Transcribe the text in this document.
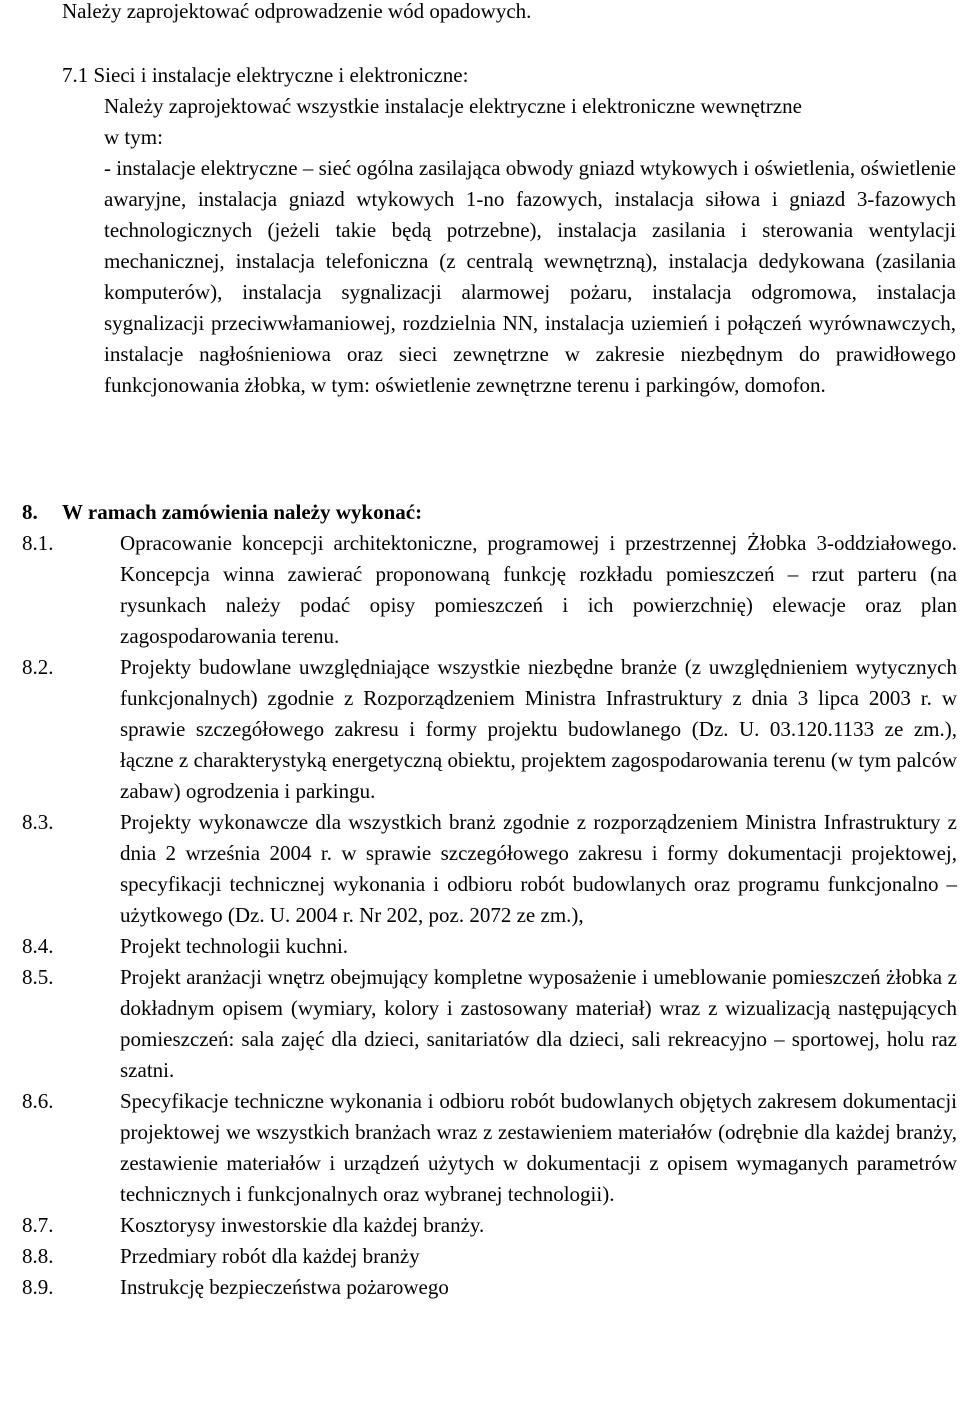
Należy zaprojektować odprowadzenie wód opadowych.
7.1 Sieci i instalacje elektryczne i elektroniczne:

Należy zaprojektować wszystkie instalacje elektryczne i elektroniczne wewnętrzne

w tym:

- instalacje elektryczne – sieć ogólna zasilająca obwody gniazd wtykowych i oświetlenia, oświetlenie awaryjne, instalacja gniazd wtykowych 1-no fazowych, instalacja siłowa i gniazd 3-fazowych technologicznych (jeżeli takie będą potrzebne), instalacja zasilania i sterowania wentylacji mechanicznej, instalacja telefoniczna (z centralą wewnętrzną), instalacja dedykowana (zasilania komputerów), instalacja sygnalizacji alarmowej pożaru, instalacja odgromowa, instalacja sygnalizacji przeciwwłamaniowej, rozdzielnia NN, instalacja uziemień i połączeń wyrównawczych, instalacje nagłośnieniowa oraz sieci zewnętrzne w zakresie niezbędnym do prawidłowego funkcjonowania żłobka, w tym: oświetlenie zewnętrzne terenu i parkingów, domofon.

8. W ramach zamówienia należy wykonać:
8.1.	Opracowanie koncepcji architektoniczne, programowej i przestrzennej Żłobka 3-oddziałowego. Koncepcja winna zawierać proponowaną funkcję rozkładu pomieszczeń – rzut parteru (na rysunkach należy podać opisy pomieszczeń i ich powierzchnię) elewacje oraz plan zagospodarowania terenu.
8.2.	Projekty budowlane uwzględniające wszystkie niezbędne branże (z uwzględnieniem wytycznych funkcjonalnych) zgodnie z Rozporządzeniem Ministra Infrastruktury z dnia 3 lipca 2003 r. w sprawie szczegółowego zakresu i formy projektu budowlanego (Dz. U. 03.120.1133 ze zm.), łączne z charakterystyką energetyczną obiektu, projektem zagospodarowania terenu (w tym palców zabaw) ogrodzenia i parkingu.
8.3.	Projekty wykonawcze dla wszystkich branż zgodnie z rozporządzeniem Ministra Infrastruktury z dnia 2 września 2004 r. w sprawie szczegółowego zakresu i formy dokumentacji projektowej, specyfikacji technicznej wykonania i odbioru robót budowlanych oraz programu funkcjonalno – użytkowego (Dz. U. 2004 r. Nr 202, poz. 2072 ze zm.),
8.4.	Projekt technologii kuchni.
8.5.	Projekt aranżacji wnętrz obejmujący kompletne wyposażenie i umeblowanie pomieszczeń żłobka z dokładnym opisem (wymiary, kolory i zastosowany materiał) wraz z wizualizacją następujących pomieszczeń: sala zajęć dla dzieci, sanitariatów dla dzieci, sali rekreacyjno – sportowej, holu raz szatni.
8.6.	Specyfikacje techniczne wykonania i odbioru robót budowlanych objętych zakresem dokumentacji projektowej we wszystkich branżach wraz z zestawieniem materiałów (odrębnie dla każdej branży, zestawienie materiałów i urządzeń użytych w dokumentacji z opisem wymaganych parametrów technicznych i funkcjonalnych oraz wybranej technologii).
8.7.	Kosztorysy inwestorskie dla każdej branży.
8.8.	Przedmiary robót dla każdej branży
8.9.	Instrukcję bezpieczeństwa pożarowego
